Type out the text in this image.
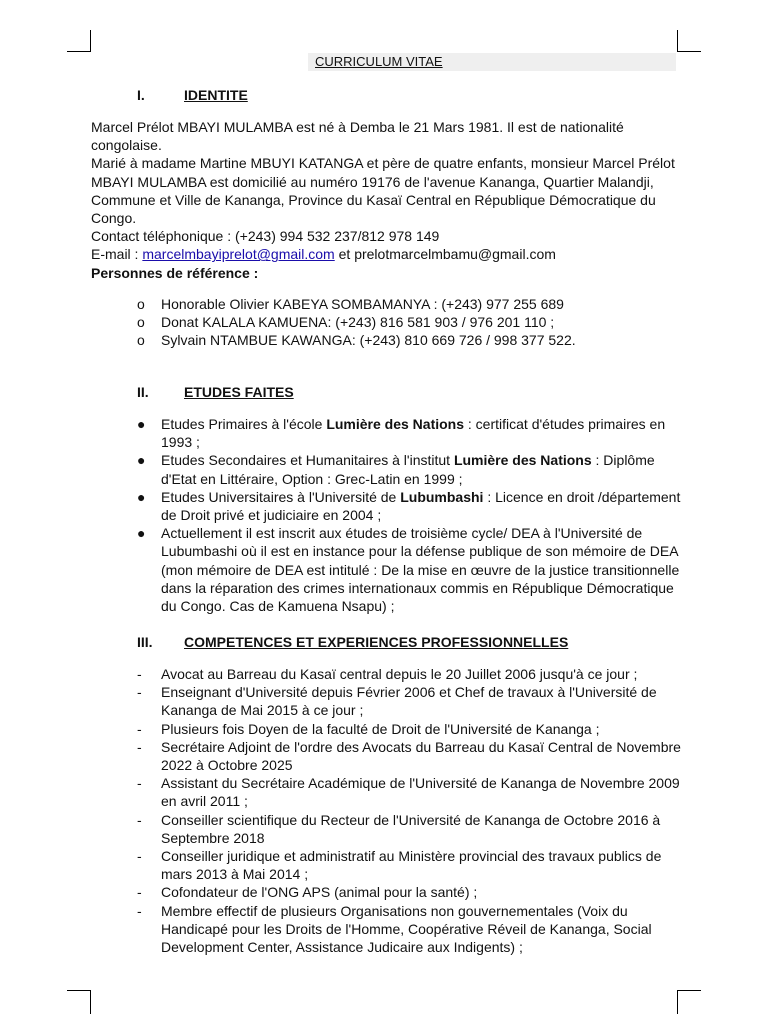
CURRICULUM VITAE
I.	IDENTITE

Marcel Prélot MBAYI MULAMBA est né à Demba le 21 Mars 1981. Il est de nationalité congolaise.

Marié à madame Martine MBUYI KATANGA et père de quatre enfants, monsieur Marcel Prélot MBAYI MULAMBA est domicilié au numéro 19176 de l'avenue Kananga, Quartier Malandji, Commune et Ville de Kananga, Province du Kasaï Central en République Démocratique du Congo.

Contact téléphonique : (+243) 994 532 237/812 978 149

E-mail : marcelmbayiprelot@gmail.com et prelotmarcelmbamu@gmail.com

Personnes de référence :

o Honorable Olivier KABEYA SOMBAMANYA : (+243) 977 255 689
o Donat KALALA KAMUENA: (+243) 816 581 903 / 976 201 110 ;
o Sylvain NTAMBUE KAWANGA: (+243) 810 669 726 / 998 377 522.
II.	ETUDES FAITES
● Etudes Primaires à l'école Lumière des Nations : certificat d'études primaires en 1993 ;
● Etudes Secondaires et Humanitaires à l'institut Lumière des Nations : Diplôme d'Etat en Littéraire, Option : Grec-Latin en 1999 ;
● Etudes Universitaires à l'Université de Lubumbashi : Licence en droit /département de Droit privé et judiciaire en 2004 ;
● Actuellement il est inscrit aux études de troisième cycle/ DEA à l'Université de Lubumbashi où il est en instance pour la défense publique de son mémoire de DEA (mon mémoire de DEA est intitulé : De la mise en œuvre de la justice transitionnelle dans la réparation des crimes internationaux commis en République Démocratique du Congo. Cas de Kamuena Nsapu) ;
III. COMPETENCES ET EXPERIENCES PROFESSIONNELLES
- Avocat au Barreau du Kasaï central depuis le 20 Juillet 2006 jusqu'à ce jour ;
- Enseignant d'Université depuis Février 2006 et Chef de travaux à l'Université de Kananga de Mai 2015 à ce jour ;
- Plusieurs fois Doyen de la faculté de Droit de l'Université de Kananga ;
- Secrétaire Adjoint de l'ordre des Avocats du Barreau du Kasaï Central de Novembre 2022 à Octobre 2025
- Assistant du Secrétaire Académique de l'Université de Kananga de Novembre 2009 en avril 2011 ;
- Conseiller scientifique du Recteur de l'Université de Kananga de Octobre 2016 à Septembre 2018
- Conseiller juridique et administratif au Ministère provincial des travaux publics de mars 2013 à Mai 2014 ;
- Cofondateur de l'ONG APS (animal pour la santé) ;
- Membre effectif de plusieurs Organisations non gouvernementales (Voix du Handicapé pour les Droits de l'Homme, Coopérative Réveil de Kananga, Social Development Center, Assistance Judicaire aux Indigents) ;
